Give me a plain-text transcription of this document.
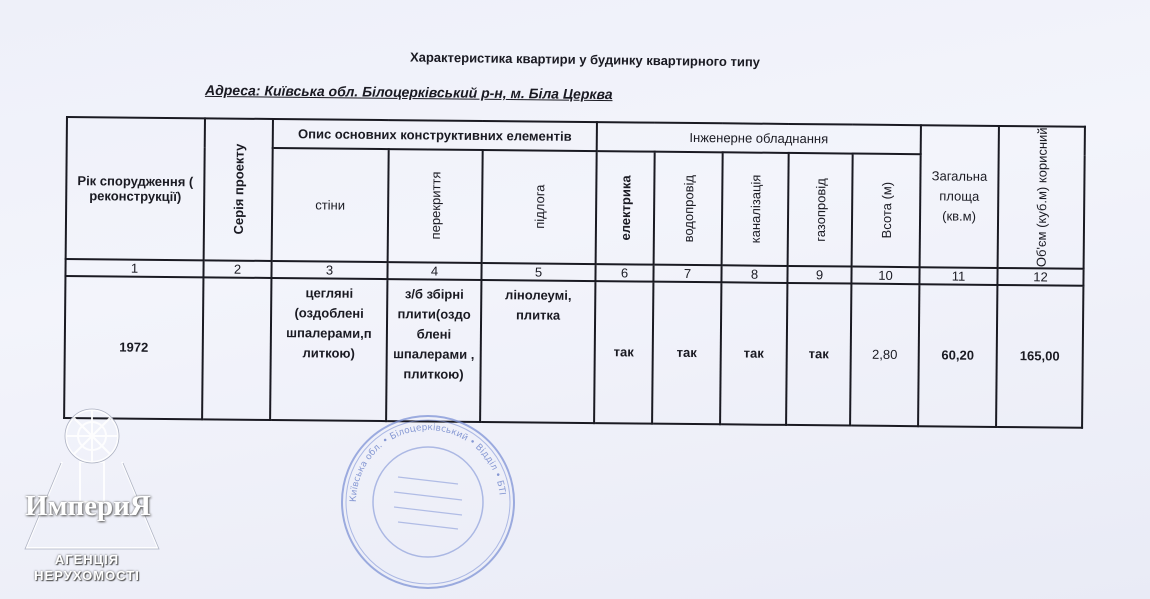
Характеристика квартири у будинку квартирного типу
Адреса: Київська обл. Білоцерківський р-н, м. Біла Церква
Рік спорудження ( реконструкції)	Серія проекту	Опис основних конструктивних елементів			Інженерне обладнання					Загальна площа (кв.м)	Об'єм (куб.м) корисний

		стіни	перекриття	підлога	електрика	водопровід	каналізація	газопровід	Всота (м)		

1	2	3	4	5	6	7	8	9	10	11	12
1972		цегляні (оздоблені шпалерами,п литкою)	з/б збірні плити(оздо блені шпалерами , плиткою)	лінолеумі, плитка	так	так	так	так	2,80	60,20	165,00
Київська обл. • Білоцерківський • Відділ • БТІ
ИмпериЯ
АГЕНЦІЯ
НЕРУХОМОСТІ
